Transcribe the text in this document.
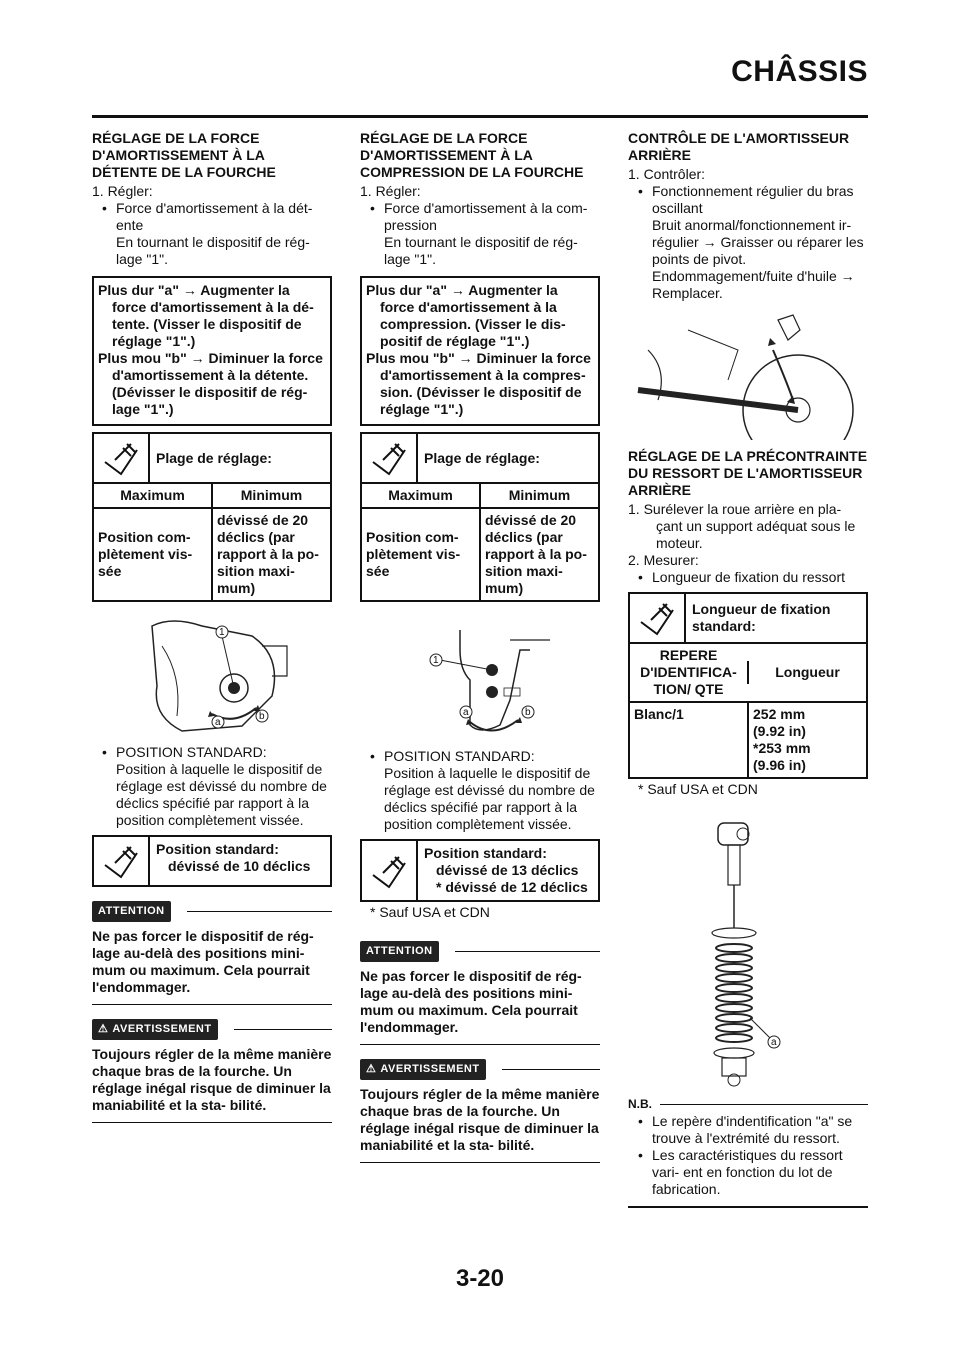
CHÂSSIS
RÉGLAGE DE LA FORCE D'AMORTISSEMENT À LA DÉTENTE DE LA FOURCHE
1. Régler:
• Force d'amortissement à la dét- ente
En tournant le dispositif de rég- lage "1".
Plus dur "a" → Augmenter la force d'amortissement à la dé- tente. (Visser le dispositif de réglage "1".)
Plus mou "b" → Diminuer la force d'amortissement à la détente. (Dévisser le dispositif de rég- lage "1".)
Plage de réglage:
Maximum	Minimum
Position com- plètement vis- sée
dévissé de 20 déclics (par rapport à la po- sition maxi- mum)
1
a
b
• POSITION STANDARD:
Position à laquelle le dispositif de réglage est dévissé du nombre de déclics spécifié par rapport à la position complètement vissée.
Position standard:
dévissé de 10 déclics
ATTENTION
Ne pas forcer le dispositif de rég- lage au-delà des positions mini- mum ou maximum. Cela pourrait l'endommager.
⚠ AVERTISSEMENT
Toujours régler de la même manière chaque bras de la fourche. Un réglage inégal risque de diminuer la maniabilité et la sta- bilité.
RÉGLAGE DE LA FORCE D'AMORTISSEMENT À LA COMPRESSION DE LA FOURCHE
1. Régler:
• Force d'amortissement à la com- pression
En tournant le dispositif de rég- lage "1".
Plus dur "a" → Augmenter la force d'amortissement à la compression. (Visser le dis- positif de réglage "1".)
Plus mou "b" → Diminuer la force d'amortissement à la compres- sion. (Dévisser le dispositif de réglage "1".)
Plage de réglage:
Maximum	Minimum
Position com- plètement vis- sée
dévissé de 20 déclics (par rapport à la po- sition maxi- mum)
1
a	b
• POSITION STANDARD:
Position à laquelle le dispositif de réglage est dévissé du nombre de déclics spécifié par rapport à la position complètement vissée.
Position standard:
dévissé de 13 déclics
* dévissé de 12 déclics
* Sauf USA et CDN
ATTENTION
Ne pas forcer le dispositif de rég- lage au-delà des positions mini- mum ou maximum. Cela pourrait l'endommager.
⚠ AVERTISSEMENT
Toujours régler de la même manière chaque bras de la fourche. Un réglage inégal risque de diminuer la maniabilité et la sta- bilité.
CONTRÔLE DE L'AMORTISSEUR ARRIÈRE
1. Contrôler:
• Fonctionnement régulier du bras oscillant
Bruit anormal/fonctionnement ir- régulier → Graisser ou réparer les points de pivot.
Endommagement/fuite d'huile → Remplacer.
RÉGLAGE DE LA PRÉCONTRAINTE DU RESSORT DE L'AMORTISSEUR ARRIÈRE
1. Surélever la roue arrière en pla- çant un support adéquat sous le moteur.
2. Mesurer:
• Longueur de fixation du ressort
Longueur de fixation standard:
REPERE D'IDENTIFICA- TION/ QTE
Longueur
Blanc/1	252 mm
(9.92 in)
*253 mm
(9.96 in)
* Sauf USA et CDN
a
N.B.
• Le repère d'indentification "a" se trouve à l'extrémité du ressort.
• Les caractéristiques du ressort vari- ent en fonction du lot de fabrication.
3-20
